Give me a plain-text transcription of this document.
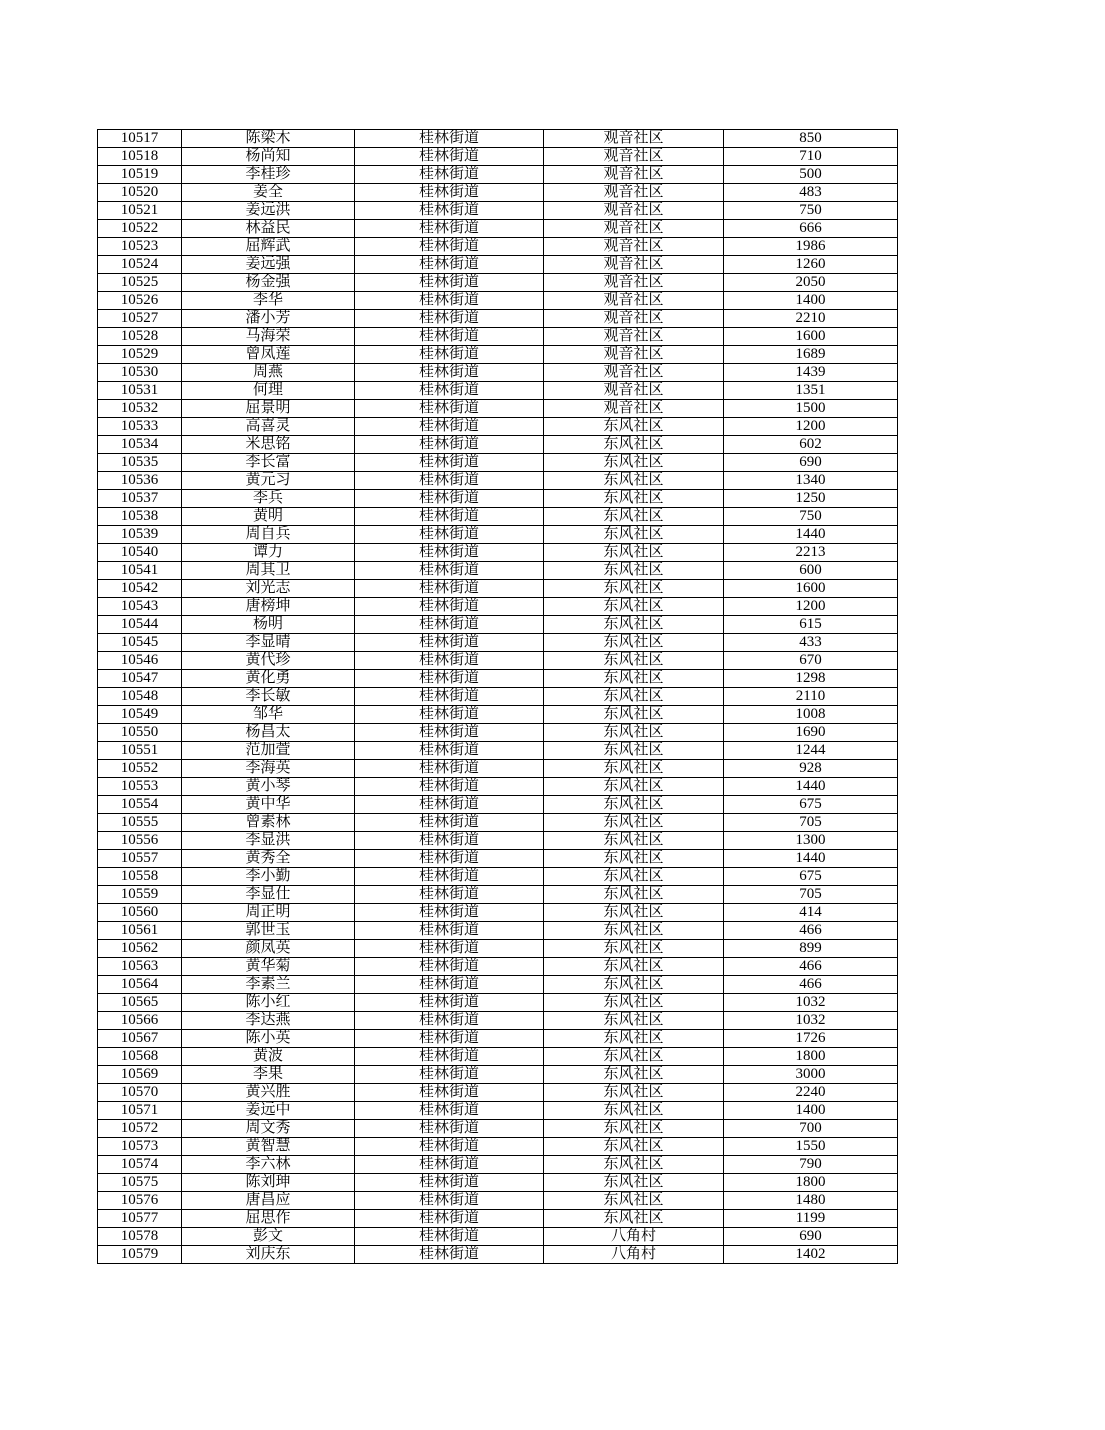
10517	陈梁木	桂林街道	观音社区	850
10518	杨尚知	桂林街道	观音社区	710
10519	李桂珍	桂林街道	观音社区	500
10520	姜全	桂林街道	观音社区	483
10521	姜远洪	桂林街道	观音社区	750
10522	林益民	桂林街道	观音社区	666
10523	屈辉武	桂林街道	观音社区	1986
10524	姜远强	桂林街道	观音社区	1260
10525	杨金强	桂林街道	观音社区	2050
10526	李华	桂林街道	观音社区	1400
10527	潘小芳	桂林街道	观音社区	2210
10528	马海荣	桂林街道	观音社区	1600
10529	曾凤莲	桂林街道	观音社区	1689
10530	周燕	桂林街道	观音社区	1439
10531	何理	桂林街道	观音社区	1351
10532	屈景明	桂林街道	观音社区	1500
10533	高喜灵	桂林街道	东风社区	1200
10534	米思铭	桂林街道	东风社区	602
10535	李长富	桂林街道	东风社区	690
10536	黄元习	桂林街道	东风社区	1340
10537	李兵	桂林街道	东风社区	1250
10538	黄明	桂林街道	东风社区	750
10539	周自兵	桂林街道	东风社区	1440
10540	谭力	桂林街道	东风社区	2213
10541	周其卫	桂林街道	东风社区	600
10542	刘光志	桂林街道	东风社区	1600
10543	唐榜坤	桂林街道	东风社区	1200
10544	杨明	桂林街道	东风社区	615
10545	李显晴	桂林街道	东风社区	433
10546	黄代珍	桂林街道	东风社区	670
10547	黄化勇	桂林街道	东风社区	1298
10548	李长敏	桂林街道	东风社区	2110
10549	邹华	桂林街道	东风社区	1008
10550	杨昌太	桂林街道	东风社区	1690
10551	范加萱	桂林街道	东风社区	1244
10552	李海英	桂林街道	东风社区	928
10553	黄小琴	桂林街道	东风社区	1440
10554	黄中华	桂林街道	东风社区	675
10555	曾素林	桂林街道	东风社区	705
10556	李显洪	桂林街道	东风社区	1300
10557	黄秀全	桂林街道	东风社区	1440
10558	李小勤	桂林街道	东风社区	675
10559	李显仕	桂林街道	东风社区	705
10560	周正明	桂林街道	东风社区	414
10561	郭世玉	桂林街道	东风社区	466
10562	颜凤英	桂林街道	东风社区	899
10563	黄华菊	桂林街道	东风社区	466
10564	李素兰	桂林街道	东风社区	466
10565	陈小红	桂林街道	东风社区	1032
10566	李达燕	桂林街道	东风社区	1032
10567	陈小英	桂林街道	东风社区	1726
10568	黄波	桂林街道	东风社区	1800
10569	李果	桂林街道	东风社区	3000
10570	黄兴胜	桂林街道	东风社区	2240
10571	姜远中	桂林街道	东风社区	1400
10572	周文秀	桂林街道	东风社区	700
10573	黄智慧	桂林街道	东风社区	1550
10574	李六林	桂林街道	东风社区	790
10575	陈刘珅	桂林街道	东风社区	1800
10576	唐昌应	桂林街道	东风社区	1480
10577	屈思作	桂林街道	东风社区	1199
10578	彭文	桂林街道	八角村	690
10579	刘庆东	桂林街道	八角村	1402
